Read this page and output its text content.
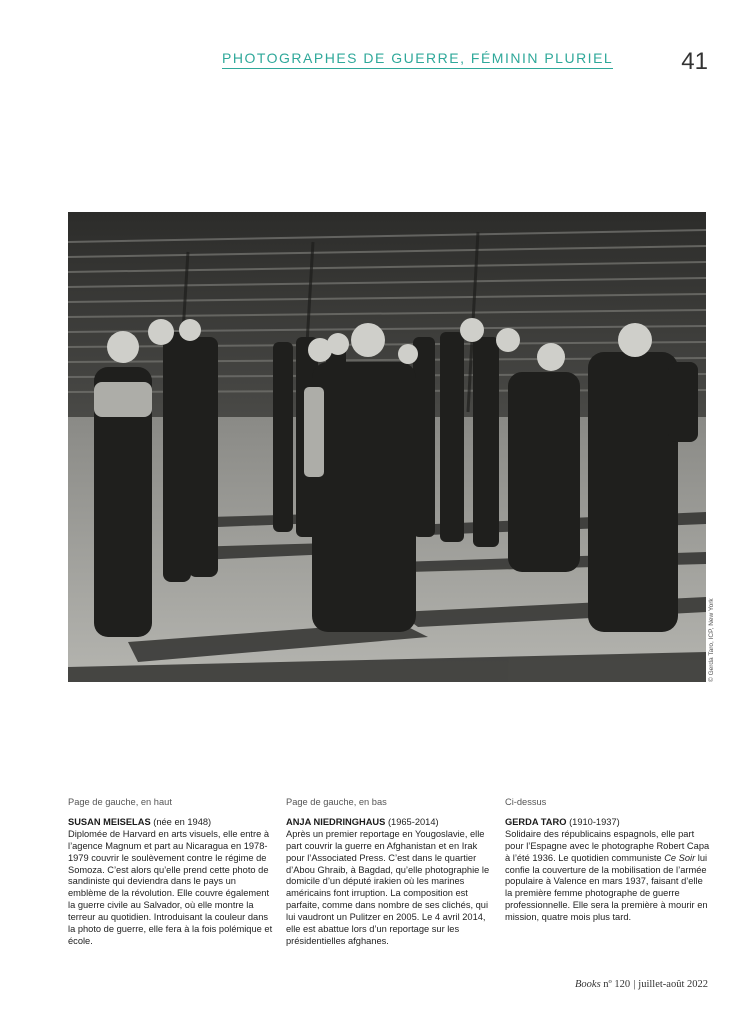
PHOTOGRAPHES DE GUERRE, FÉMININ PLURIEL	41
© Gerda Taro, ICP, New York
Page de gauche, en haut
SUSAN MEISELAS (née en 1948)
Diplomée de Harvard en arts visuels, elle entre à l’agence Magnum et part au Nicaragua en 1978-1979 couvrir le soulèvement contre le régime de Somoza. C’est alors qu’elle prend cette photo de sandiniste qui deviendra dans le pays un emblème de la révolution. Elle couvre également la guerre civile au Salvador, où elle montre la terreur au quotidien. Introduisant la couleur dans la photo de guerre, elle fera à la fois polémique et école.
Page de gauche, en bas
ANJA NIEDRINGHAUS (1965-2014)
Après un premier reportage en Yougoslavie, elle part couvrir la guerre en Afghanistan et en Irak pour l’Associated Press. C’est dans le quartier d’Abou Ghraib, à Bagdad, qu’elle photographie le domicile d’un député irakien où les marines américains font irruption. La composition est parfaite, comme dans nombre de ses clichés, qui lui vaudront un Pulitzer en 2005. Le 4 avril 2014, elle est abattue lors d’un reportage sur les présidentielles afghanes.
Ci-dessus
GERDA TARO (1910-1937)
Solidaire des républicains espagnols, elle part pour l’Espagne avec le photographe Robert Capa à l’été 1936. Le quotidien communiste Ce Soir lui confie la couverture de la mobilisation de l’armée populaire à Valence en mars 1937, faisant d’elle la première femme photographe de guerre professionnelle. Elle sera la première à mourir en mission, quatre mois plus tard.
Books nº 120 | juillet-août 2022
